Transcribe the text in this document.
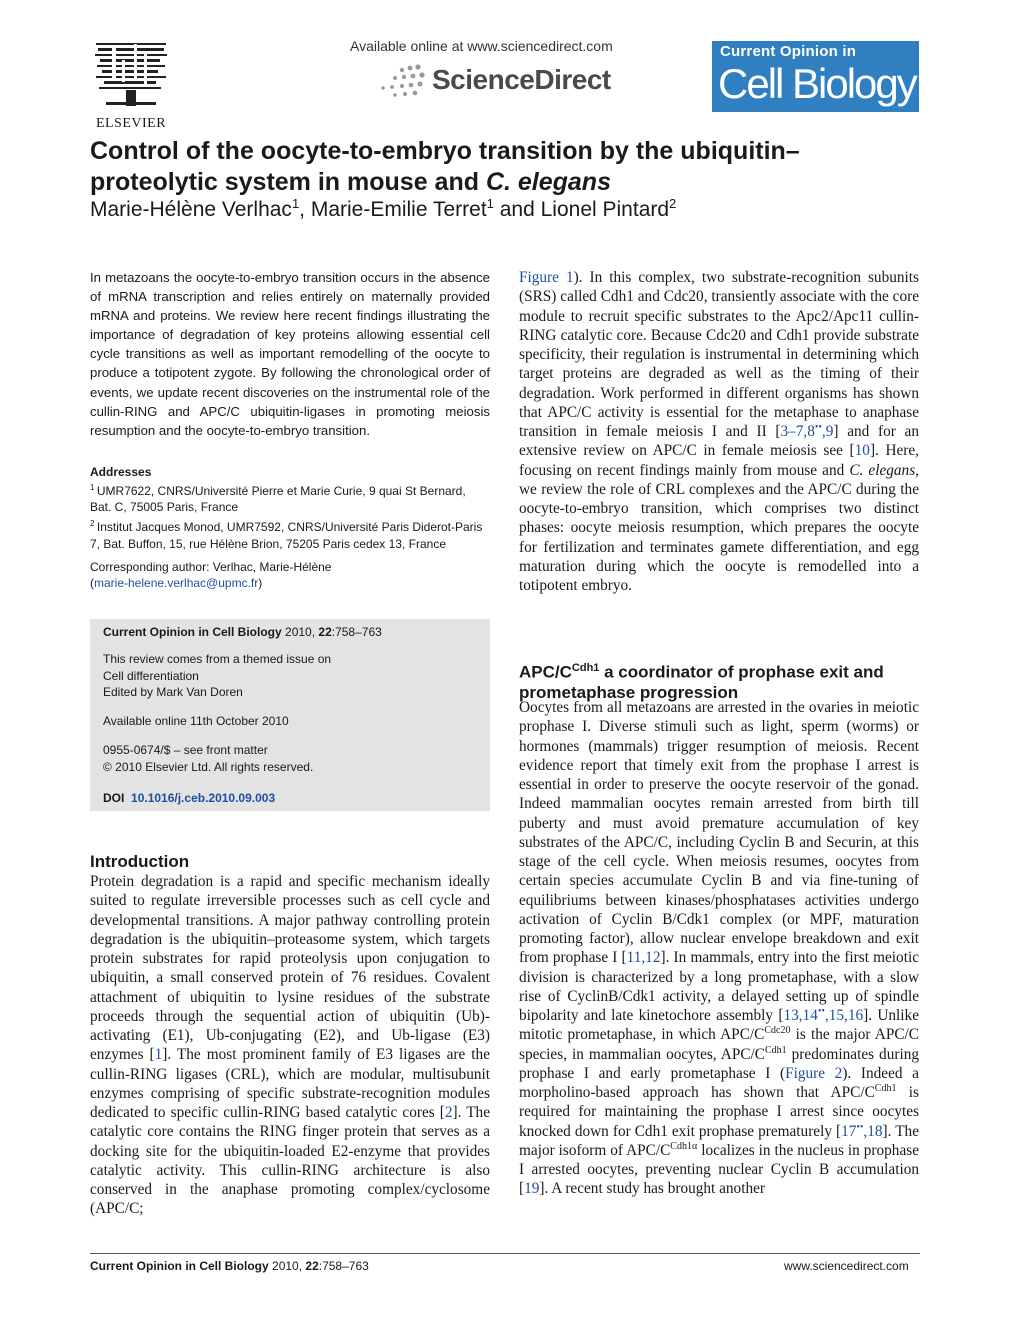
ELSEVIER
Available online at www.sciencedirect.com
ScienceDirect
Current Opinion in
Cell Biology
Control of the oocyte-to-embryo transition by the ubiquitin–
proteolytic system in mouse and C. elegans
Marie-Hélène Verlhac$^1$, Marie-Emilie Terret$^1$ and Lionel Pintard$^2$
In metazoans the oocyte-to-embryo transition occurs in the absence of mRNA transcription and relies entirely on maternally provided mRNA and proteins. We review here recent findings illustrating the importance of degradation of key proteins allowing essential cell cycle transitions as well as important remodelling of the oocyte to produce a totipotent zygote. By following the chronological order of events, we update recent discoveries on the instrumental role of the cullin-RING and APC/C ubiquitin-ligases in promoting meiosis resumption and the oocyte-to-embryo transition.
Addresses
$^1$  UMR7622, CNRS/Université Pierre et Marie Curie, 9 quai St Bernard, Bat. C, 75005 Paris, France
$^2$  Institut Jacques Monod, UMR7592, CNRS/Université Paris Diderot-Paris 7, Bat. Buffon, 15, rue Hélène Brion, 75205 Paris cedex 13, France
Corresponding author: Verlhac, Marie-Hélène
(marie-helene.verlhac@upmc.fr)
Current Opinion in Cell Biology 2010, 22:758–763
This review comes from a themed issue on
Cell differentiation
Edited by Mark Van Doren
Available online 11th October 2010
0955-0674/$ – see front matter
© 2010 Elsevier Ltd. All rights reserved.
DOI 10.1016/j.ceb.2010.09.003
Introduction
Protein degradation is a rapid and specific mechanism ideally suited to regulate irreversible processes such as cell cycle and developmental transitions. A major pathway controlling protein degradation is the ubiquitin–proteasome system, which targets protein substrates for rapid proteolysis upon conjugation to ubiquitin, a small conserved protein of 76 residues. Covalent attachment of ubiquitin to lysine residues of the substrate proceeds through the sequential action of ubiquitin (Ub)-activating (E1), Ub-conjugating (E2), and Ub-ligase (E3) enzymes [1]. The most prominent family of E3 ligases are the cullin-RING ligases (CRL), which are modular, multisubunit enzymes comprising of specific substrate-recognition modules dedicated to specific cullin-RING based catalytic cores [2]. The catalytic core contains the RING finger protein that serves as a docking site for the ubiquitin-loaded E2-enzyme that provides catalytic activity. This cullin-RING architecture is also conserved in the anaphase promoting complex/cyclosome (APC/C;
Figure 1). In this complex, two substrate-recognition subunits (SRS) called Cdh1 and Cdc20, transiently associate with the core module to recruit specific substrates to the Apc2/Apc11 cullin-RING catalytic core. Because Cdc20 and Cdh1 provide substrate specificity, their regulation is instrumental in determining which target proteins are degraded as well as the timing of their degradation. Work performed in different organisms has shown that APC/C activity is essential for the metaphase to anaphase transition in female meiosis I and II [3–7,8••,9] and for an extensive review on APC/C in female meiosis see [10]. Here, focusing on recent findings mainly from mouse and C. elegans, we review the role of CRL complexes and the APC/C during the oocyte-to-embryo transition, which comprises two distinct phases: oocyte meiosis resumption, which prepares the oocyte for fertilization and terminates gamete differentiation, and egg maturation during which the oocyte is remodelled into a totipotent embryo.
APC/$C^{Cdh1}$ a coordinator of prophase exit and prometaphase progression
Oocytes from all metazoans are arrested in the ovaries in meiotic prophase I. Diverse stimuli such as light, sperm (worms) or hormones (mammals) trigger resumption of meiosis. Recent evidence report that timely exit from the prophase I arrest is essential in order to preserve the oocyte reservoir of the gonad. Indeed mammalian oocytes remain arrested from birth till puberty and must avoid premature accumulation of key substrates of the APC/C, including Cyclin B and Securin, at this stage of the cell cycle. When meiosis resumes, oocytes from certain species accumulate Cyclin B and via fine-tuning of equilibriums between kinases/phosphatases activities undergo activation of Cyclin B/Cdk1 complex (or MPF, maturation promoting factor), allow nuclear envelope breakdown and exit from prophase I [11,12]. In mammals, entry into the first meiotic division is characterized by a long prometaphase, with a slow rise of CyclinB/Cdk1 activity, a delayed setting up of spindle bipolarity and late kinetochore assembly [13,14••,15,16]. Unlike mitotic prometaphase, in which APC/$C^{Cdc20}$ is the major APC/C species, in mammalian oocytes, APC/$C^{Cdh1}$ predominates during prophase I and early prometaphase I (Figure 2). Indeed a morpholino-based approach has shown that APC/$C^{Cdh1}$ is required for maintaining the prophase I arrest since oocytes knocked down for Cdh1 exit prophase prematurely [17••,18]. The major isoform of APC/$C^{Cdh1\alpha}$ localizes in the nucleus in prophase I arrested oocytes, preventing nuclear Cyclin B accumulation [19]. A recent study has brought another
Current Opinion in Cell Biology 2010, 22:758–763	www.sciencedirect.com
